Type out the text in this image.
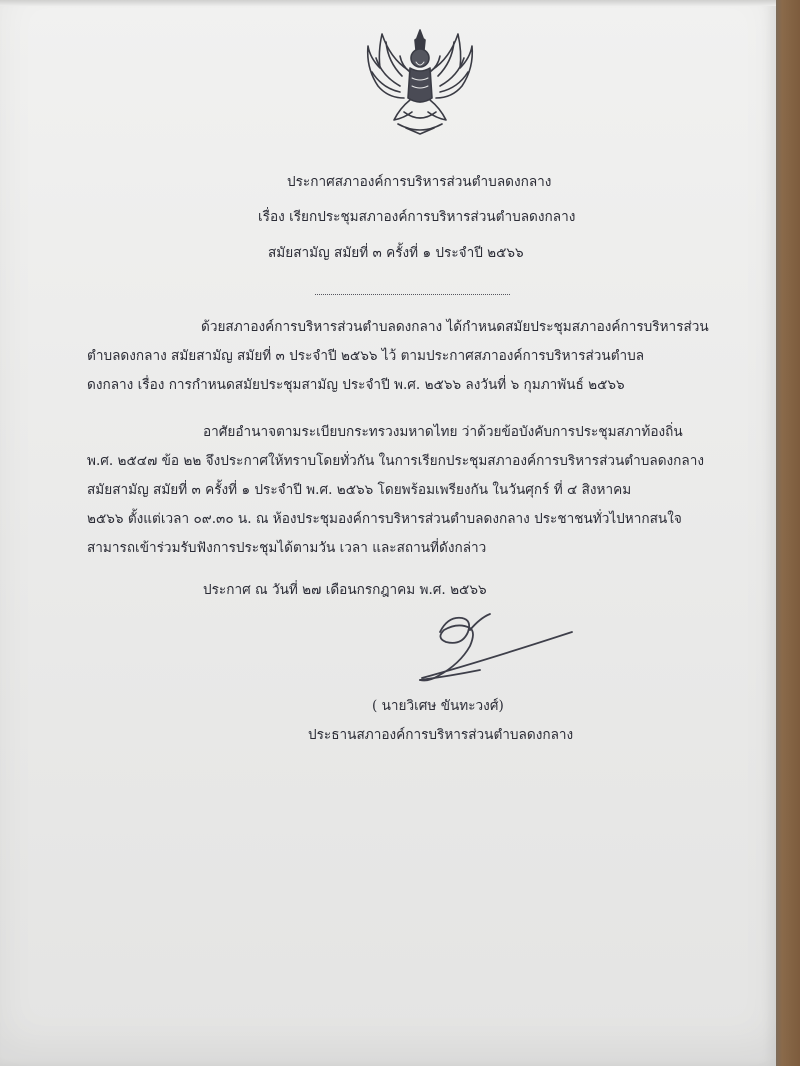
ประกาศสภาองค์การบริหารส่วนตำบลดงกลาง
เรื่อง เรียกประชุมสภาองค์การบริหารส่วนตำบลดงกลาง
สมัยสามัญ สมัยที่ ๓ ครั้งที่ ๑ ประจำปี ๒๕๖๖
ด้วยสภาองค์การบริหารส่วนตำบลดงกลาง ได้กำหนดสมัยประชุมสภาองค์การบริหารส่วน
ตำบลดงกลาง สมัยสามัญ สมัยที่ ๓ ประจำปี ๒๕๖๖ ไว้ ตามประกาศสภาองค์การบริหารส่วนตำบล
ดงกลาง เรื่อง การกำหนดสมัยประชุมสามัญ ประจำปี พ.ศ. ๒๕๖๖ ลงวันที่ ๖ กุมภาพันธ์ ๒๕๖๖
อาศัยอำนาจตามระเบียบกระทรวงมหาดไทย ว่าด้วยข้อบังคับการประชุมสภาท้องถิ่น
พ.ศ. ๒๕๔๗ ข้อ ๒๒ จึงประกาศให้ทราบโดยทั่วกัน ในการเรียกประชุมสภาองค์การบริหารส่วนตำบลดงกลาง
สมัยสามัญ สมัยที่ ๓ ครั้งที่ ๑ ประจำปี พ.ศ. ๒๕๖๖ โดยพร้อมเพรียงกัน ในวันศุกร์ ที่ ๔ สิงหาคม
๒๕๖๖ ตั้งแต่เวลา ๐๙.๓๐ น. ณ ห้องประชุมองค์การบริหารส่วนตำบลดงกลาง ประชาชนทั่วไปหากสนใจ
สามารถเข้าร่วมรับฟังการประชุมได้ตามวัน เวลา และสถานที่ดังกล่าว
ประกาศ ณ วันที่ ๒๗ เดือนกรกฎาคม พ.ศ. ๒๕๖๖
( นายวิเศษ ขันทะวงศ์)
ประธานสภาองค์การบริหารส่วนตำบลดงกลาง
